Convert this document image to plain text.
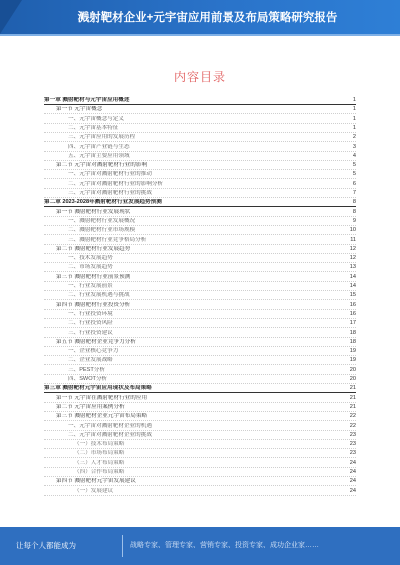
溅射靶材企业+元宇宙应用前景及布局策略研究报告
内容目录
第一章 溅射靶材与元宇宙应用概述	1
第一节 元宇宙概念	1
一、元宇宙概念与定义	1
二、元宇宙基本特征	1
三、元宇宙应用的发展历程	2
四、元宇宙产业链与生态	3
五、元宇宙主要应用领域	4
第二节 元宇宙对溅射靶材行业的影响	5
一、元宇宙对溅射靶材行业的推动	5
二、元宇宙对溅射靶材行业的影响分析	6
三、元宇宙对溅射靶材行业的挑战	7
第二章 2023-2028年溅射靶材行业发展趋势预测	8
第一节 溅射靶材行业发展现状	8
一、溅射靶材行业发展概况	9
二、溅射靶材行业市场规模	10
三、溅射靶材行业竞争格局分析	11
第二节 溅射靶材行业发展趋势	12
一、技术发展趋势	12
二、市场发展趋势	13
第三节 溅射靶材行业前景预测	14
一、行业发展前景	14
二、行业发展机遇与挑战	15
第四节 溅射靶材行业投资分析	16
一、行业投资环境	16
二、行业投资风险	17
三、行业投资建议	18
第五节 溅射靶材企业竞争力分析	18
一、企业核心竞争力	19
二、企业发展战略	19
三、PEST分析	20
四、SWOT分析	20
第三章 溅射靶材元宇宙应用现状及布局策略	21
第一节 元宇宙在溅射靶材行业的应用	21
第二节 元宇宙应用案例分析	21
第三节 溅射靶材企业元宇宙布局策略	22
一、元宇宙对溅射靶材企业的机遇	22
二、元宇宙对溅射靶材企业的挑战	23
（一）技术布局策略	23
（二）市场布局策略	23
（三）人才布局策略	24
（四）合作布局策略	24
第四节 溅射靶材元宇宙发展建议	24
（一）发展建议	24
让每个人都能成为	战略专家、管理专家、营销专家、投资专家、成功企业家……
